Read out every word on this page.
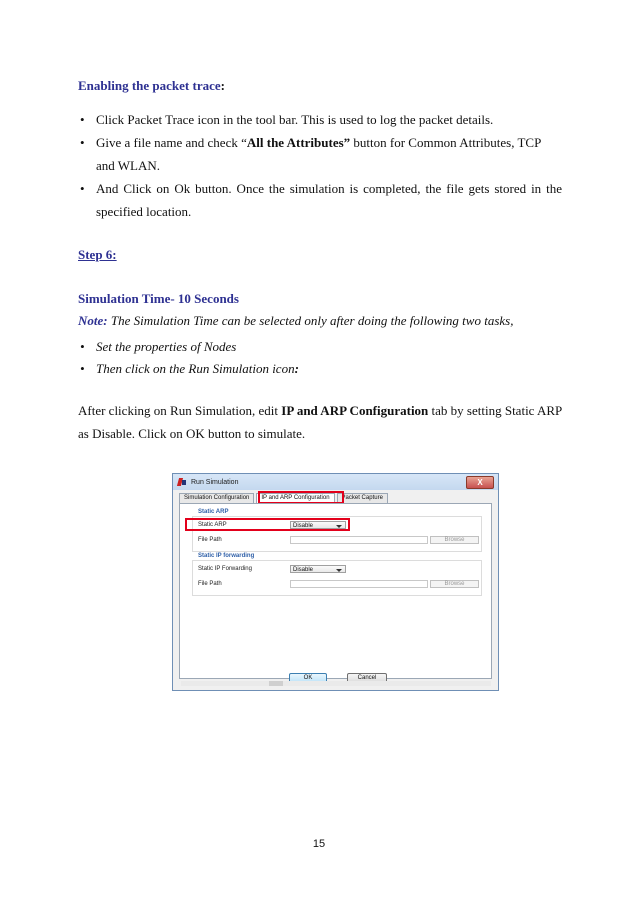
Enabling the packet trace:
• Click Packet Trace icon in the tool bar. This is used to log the packet details.
• Give a file name and check “All the Attributes” button for Common Attributes, TCP and WLAN.
• And Click on Ok button. Once the simulation is completed, the file gets stored in the specified location.
Step 6:
Simulation Time- 10 Seconds
Note: The Simulation Time can be selected only after doing the following two tasks,
• Set the properties of Nodes
• Then click on the Run Simulation icon:

After clicking on Run Simulation, edit IP and ARP Configuration tab by setting Static ARP as Disable. Click on OK button to simulate.

Run Simulation	X
Simulation Configuration	IP and ARP Configuration	Packet Capture
Static ARP
Static ARP	Disable
File Path	Browse
Static IP forwarding
Static IP Forwarding	Disable
File Path	Browse
OK	Cancel
15
